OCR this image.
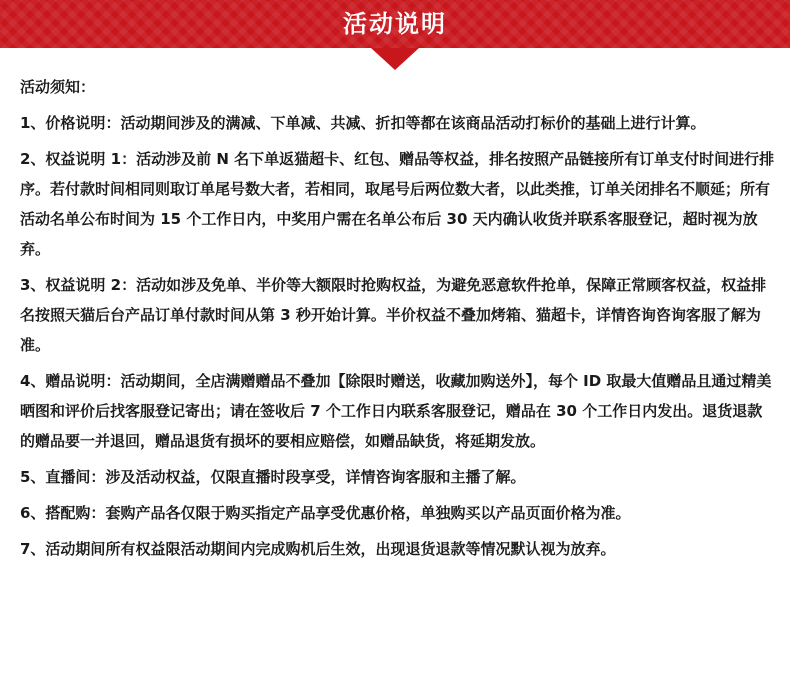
活动说明
活动须知：
1、价格说明：活动期间涉及的满减、下单减、共减、折扣等都在该商品活动打标价的基础上进行计算。
2、权益说明 1：活动涉及前 N 名下单返猫超卡、红包、赠品等权益，排名按照产品链接所有订单支付时间进行排序。若付款时间相同则取订单尾号数大者，若相同，取尾号后两位数大者，以此类推，订单关闭排名不顺延；所有活动名单公布时间为 15 个工作日内，中奖用户需在名单公布后 30 天内确认收货并联系客服登记，超时视为放弃。
3、权益说明 2：活动如涉及免单、半价等大额限时抢购权益，为避免恶意软件抢单，保障正常顾客权益，权益排名按照天猫后台产品订单付款时间从第 3 秒开始计算。半价权益不叠加烤箱、猫超卡，详情咨询咨询客服了解为准。
4、赠品说明：活动期间，全店满赠赠品不叠加【除限时赠送，收藏加购送外】，每个 ID 取最大值赠品且通过精美晒图和评价后找客服登记寄出；请在签收后 7 个工作日内联系客服登记，赠品在 30 个工作日内发出。退货退款的赠品要一并退回，赠品退货有损坏的要相应赔偿，如赠品缺货，将延期发放。
5、直播间：涉及活动权益，仅限直播时段享受，详情咨询客服和主播了解。
6、搭配购：套购产品各仅限于购买指定产品享受优惠价格，单独购买以产品页面价格为准。
7、活动期间所有权益限活动期间内完成购机后生效，出现退货退款等情况默认视为放弃。
